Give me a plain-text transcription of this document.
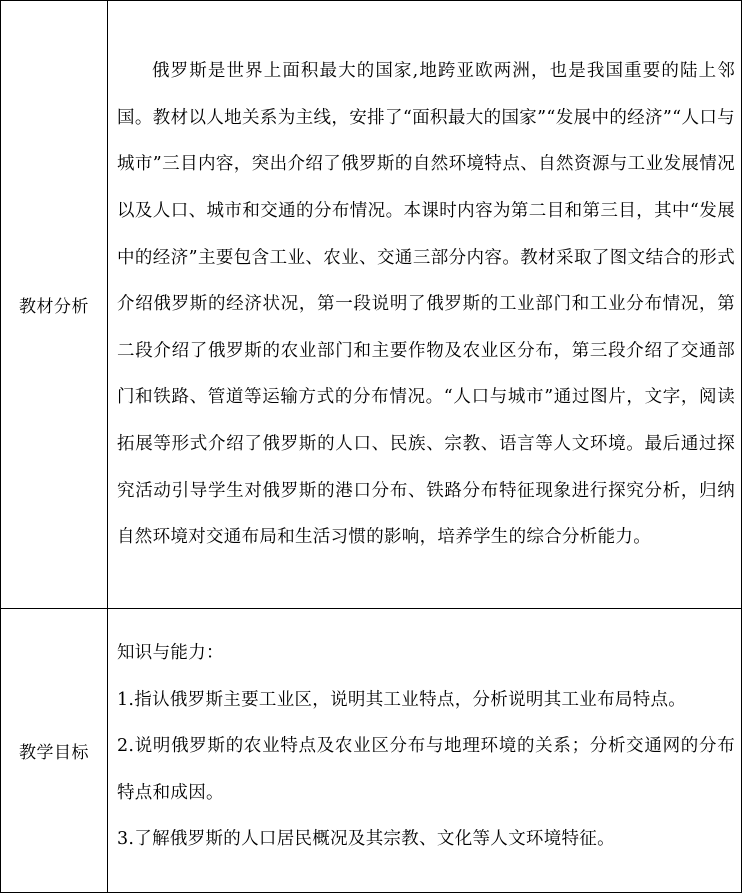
教材分析	俄罗斯是世界上面积最大的国家,地跨亚欧两洲，也是我国重要的陆上邻国。教材以人地关系为主线，安排了“面积最大的国家”“发展中的经济”“人口与城市”三目内容，突出介绍了俄罗斯的自然环境特点、自然资源与工业发展情况以及人口、城市和交通的分布情况。本课时内容为第二目和第三目，其中“发展中的经济”主要包含工业、农业、交通三部分内容。教材采取了图文结合的形式介绍俄罗斯的经济状况，第一段说明了俄罗斯的工业部门和工业分布情况，第二段介绍了俄罗斯的农业部门和主要作物及农业区分布，第三段介绍了交通部门和铁路、管道等运输方式的分布情况。“人口与城市”通过图片，文字，阅读拓展等形式介绍了俄罗斯的人口、民族、宗教、语言等人文环境。最后通过探究活动引导学生对俄罗斯的港口分布、铁路分布特征现象进行探究分析，归纳自然环境对交通布局和生活习惯的影响，培养学生的综合分析能力。

教学目标	知识与能力：

1.指认俄罗斯主要工业区，说明其工业特点，分析说明其工业布局特点。

2.说明俄罗斯的农业特点及农业区分布与地理环境的关系；分析交通网的分布特点和成因。

3.了解俄罗斯的人口居民概况及其宗教、文化等人文环境特征。
